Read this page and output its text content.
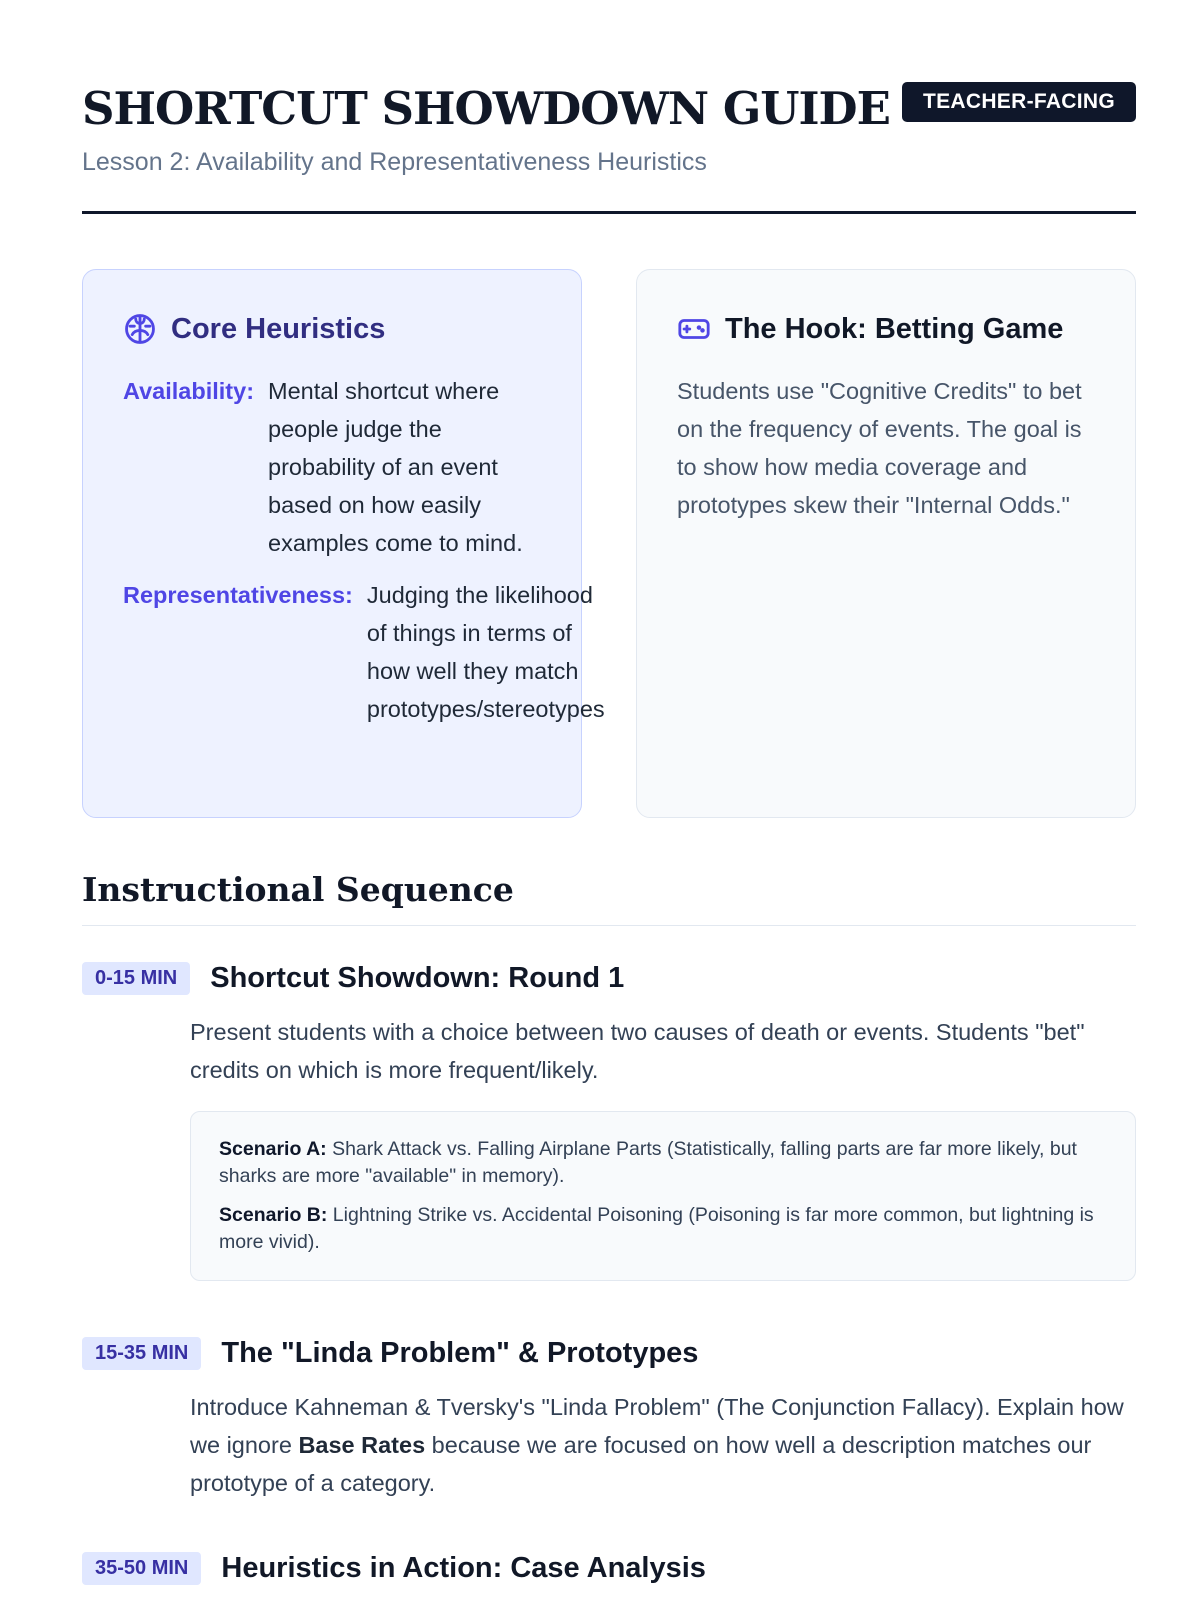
SHORTCUT SHOWDOWN GUIDE

Lesson 2: Availability and Representativeness Heuristics

TEACHER-FACING
Core Heuristics
Availability: Mental shortcut where people judge the probability of an event based on how easily examples come to mind.
Representativeness: Judging the likelihood of things in terms of how well they match prototypes/stereotypes
The Hook: Betting Game
Students use "Cognitive Credits" to bet on the frequency of events. The goal is to show how media coverage and prototypes skew their "Internal Odds."
Instructional Sequence
0-15 MIN	Shortcut Showdown: Round 1
Present students with a choice between two causes of death or events. Students "bet" credits on which is more frequent/likely.

Scenario A: Shark Attack vs. Falling Airplane Parts (Statistically, falling parts are far more likely, but sharks are more "available" in memory).

Scenario B: Lightning Strike vs. Accidental Poisoning (Poisoning is far more common, but lightning is more vivid).

15-35 MIN	The "Linda Problem" & Prototypes
Introduce Kahneman & Tversky's "Linda Problem" (The Conjunction Fallacy). Explain how we ignore Base Rates because we are focused on how well a description matches our prototype of a category.
35-50 MIN	Heuristics in Action: Case Analysis
